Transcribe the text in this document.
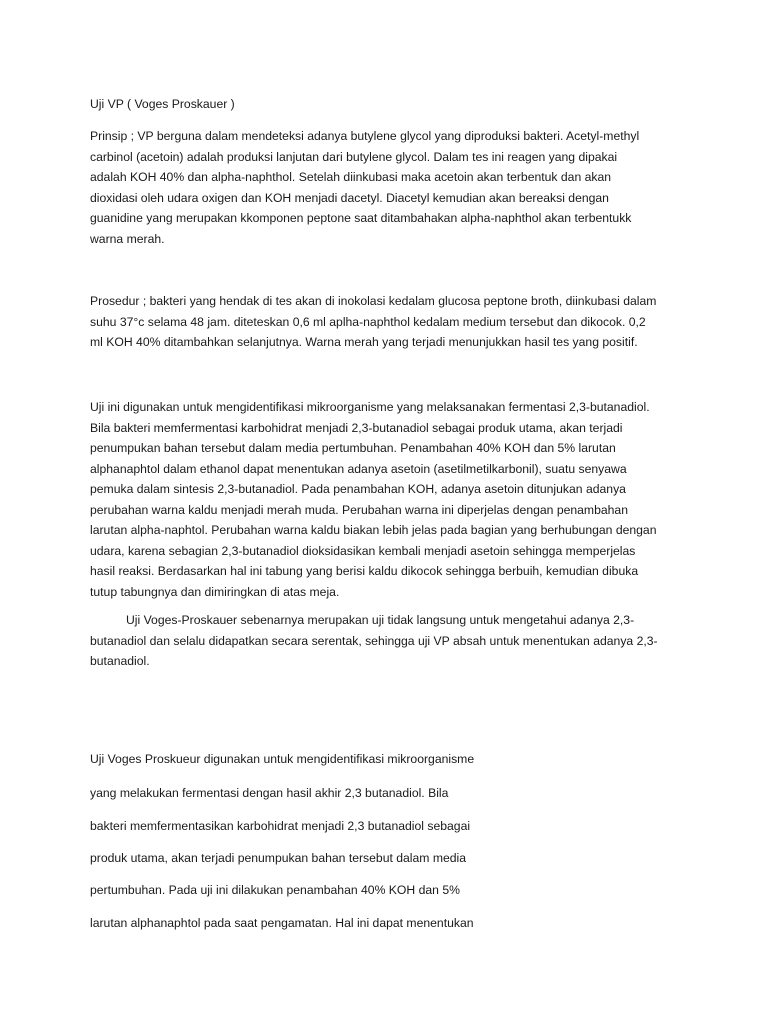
Uji VP ( Voges Proskauer )

Prinsip ; VP berguna dalam mendeteksi adanya butylene glycol yang diproduksi bakteri. Acetyl-methyl
carbinol (acetoin) adalah produksi lanjutan dari butylene glycol. Dalam tes ini reagen yang dipakai
adalah KOH 40% dan alpha-naphthol. Setelah diinkubasi maka acetoin akan terbentuk dan akan
dioxidasi oleh udara oxigen dan KOH menjadi dacetyl. Diacetyl kemudian akan bereaksi dengan
guanidine yang merupakan kkomponen peptone saat ditambahakan alpha-naphthol akan terbentukk
warna merah.

Prosedur ; bakteri yang hendak di tes akan di inokolasi kedalam glucosa peptone broth, diinkubasi dalam
suhu 37°c selama 48 jam. diteteskan 0,6 ml aplha-naphthol kedalam medium tersebut dan dikocok. 0,2
ml KOH 40% ditambahkan selanjutnya. Warna merah yang terjadi menunjukkan hasil tes yang positif.

Uji ini digunakan untuk mengidentifikasi mikroorganisme yang melaksanakan fermentasi 2,3-butanadiol.
Bila bakteri memfermentasi karbohidrat menjadi 2,3-butanadiol sebagai produk utama, akan terjadi
penumpukan bahan tersebut dalam media pertumbuhan. Penambahan 40% KOH dan 5% larutan
alphanaphtol dalam ethanol dapat menentukan adanya asetoin (asetilmetilkarbonil), suatu senyawa
pemuka dalam sintesis 2,3-butanadiol. Pada penambahan KOH, adanya asetoin ditunjukan adanya
perubahan warna kaldu menjadi merah muda. Perubahan warna ini diperjelas dengan penambahan
larutan alpha-naphtol. Perubahan warna kaldu biakan lebih jelas pada bagian yang berhubungan dengan
udara, karena sebagian 2,3-butanadiol dioksidasikan kembali menjadi asetoin sehingga memperjelas
hasil reaksi. Berdasarkan hal ini tabung yang berisi kaldu dikocok sehingga berbuih, kemudian dibuka
tutup tabungnya dan dimiringkan di atas meja.

Uji Voges-Proskauer sebenarnya merupakan uji tidak langsung untuk mengetahui adanya 2,3-
butanadiol dan selalu didapatkan secara serentak, sehingga uji VP absah untuk menentukan adanya 2,3-
butanadiol.

Uji Voges Proskueur digunakan untuk mengidentifikasi mikroorganisme

yang melakukan fermentasi dengan hasil akhir 2,3 butanadiol. Bila

bakteri memfermentasikan karbohidrat menjadi 2,3 butanadiol sebagai

produk utama, akan terjadi penumpukan bahan tersebut dalam media

pertumbuhan. Pada uji ini dilakukan penambahan 40% KOH dan 5%

larutan alphanaphtol pada saat pengamatan. Hal ini dapat menentukan
